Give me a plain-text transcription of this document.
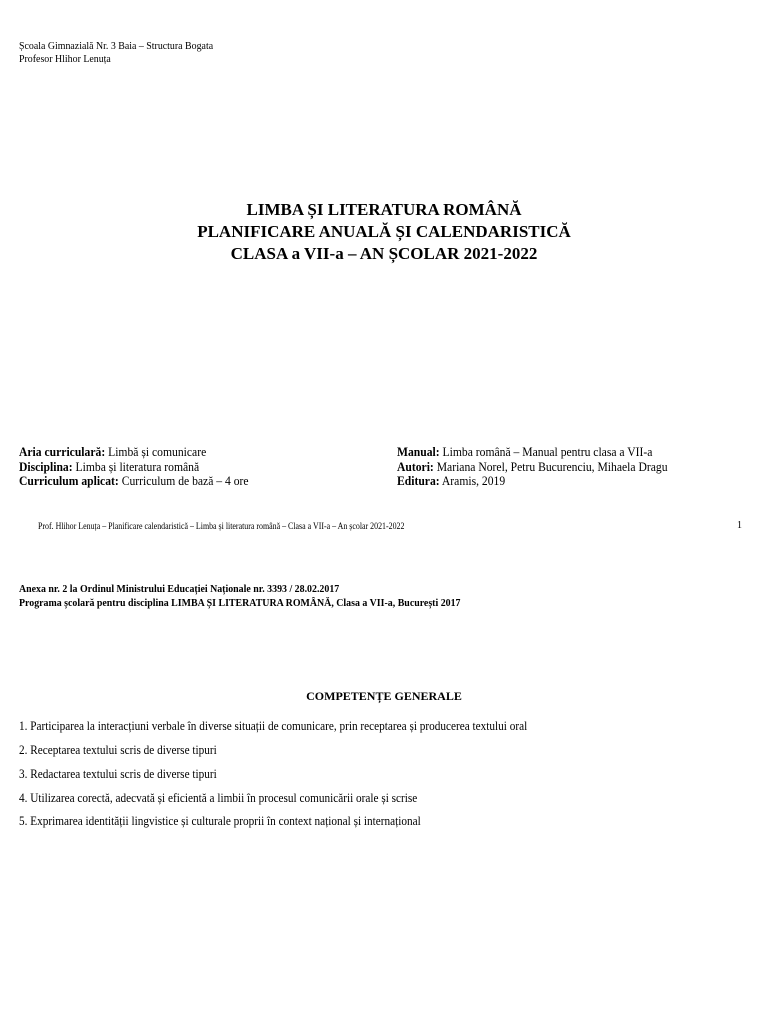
Școala Gimnazială Nr. 3 Baia – Structura Bogata
Profesor Hlihor Lenuța
LIMBA ȘI LITERATURA ROMÂNĂ
PLANIFICARE ANUALĂ ȘI CALENDARISTICĂ
CLASA a VII-a – AN ȘCOLAR 2021-2022
Aria curriculară: Limbă și comunicare
Disciplina: Limba și literatura română
Curriculum aplicat: Curriculum de bază – 4 ore
Manual: Limba română – Manual pentru clasa a VII-a
Autori: Mariana Norel, Petru Bucurenciu, Mihaela Dragu
Editura: Aramis, 2019
Prof. Hlihor Lenuța – Planificare calendaristică – Limba și literatura română – Clasa a VII-a – An școlar 2021-2022	1
Anexa nr. 2 la Ordinul Ministrului Educației Naționale nr. 3393 / 28.02.2017
Programa școlară pentru disciplina LIMBA ȘI LITERATURA ROMÂNĂ, Clasa a VII-a, București 2017
COMPETENȚE GENERALE
1. Participarea la interacțiuni verbale în diverse situații de comunicare, prin receptarea și producerea textului oral
2. Receptarea textului scris de diverse tipuri
3. Redactarea textului scris de diverse tipuri
4. Utilizarea corectă, adecvată și eficientă a limbii în procesul comunicării orale și scrise
5. Exprimarea identității lingvistice și culturale proprii în context național și internațional
